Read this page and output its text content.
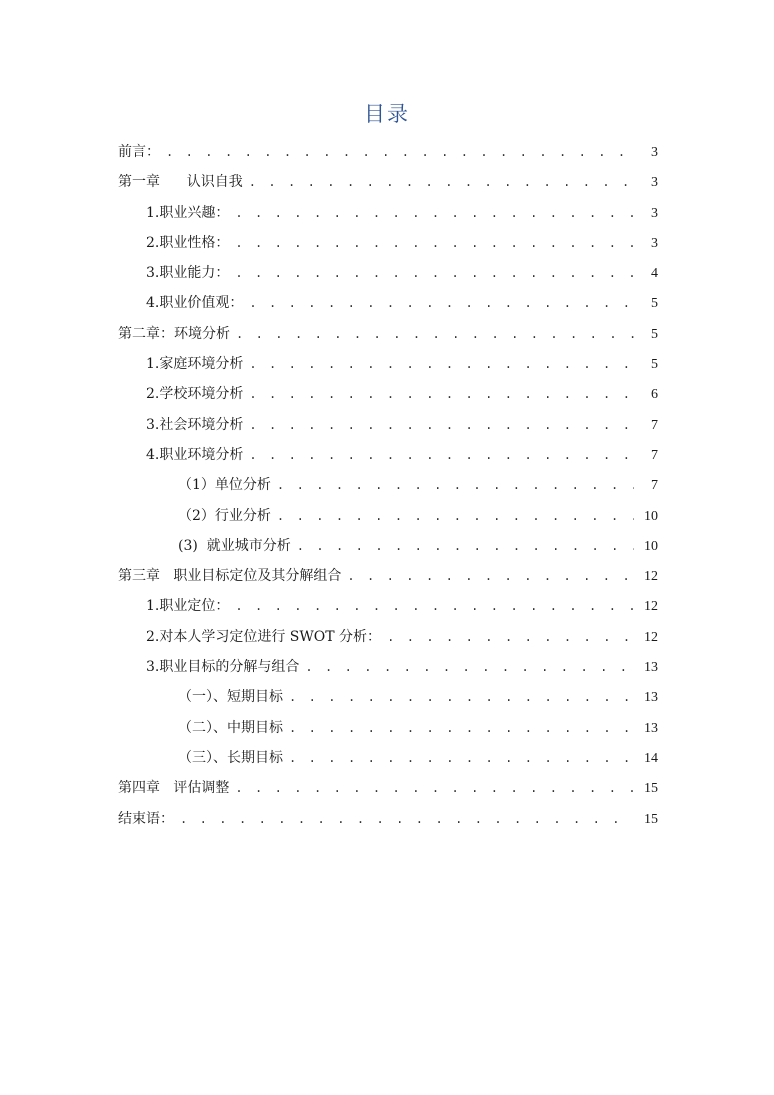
目录
前言： . . .	3
第一章      认识自我 . . .	3
1.职业兴趣： . . .	3
2.职业性格： . . .	3
3.职业能力： . . .	4
4.职业价值观： . . .	5
第二章：环境分析 . . .	5
1.家庭环境分析 . . .	5
2.学校环境分析 . . .	6
3.社会环境分析 . . .	7
4.职业环境分析 . . .	7
（1）单位分析 . . .	7
（2）行业分析 . . .	10
(3)  就业城市分析 . . .	10
第三章   职业目标定位及其分解组合 . . .	12
1.职业定位： . . .	12
2.对本人学习定位进行 SWOT 分析： . . .	12
3.职业目标的分解与组合 . . .	13
（一）、短期目标 . . .	13
（二）、中期目标 . . .	13
（三）、长期目标 . . .	14
第四章   评估调整 . . .	15
结束语： . . .	15
